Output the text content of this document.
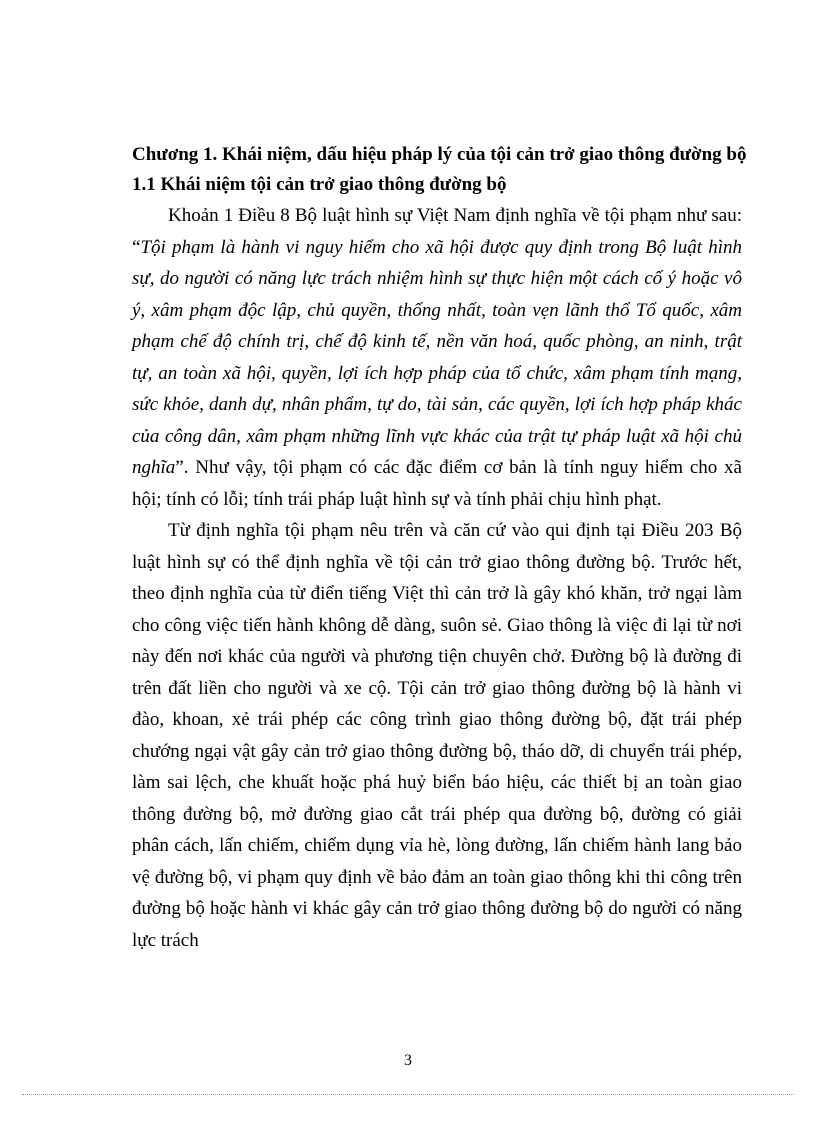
Chương 1. Khái niệm, dấu hiệu pháp lý của tội cản trở giao thông đường bộ
1.1 Khái niệm tội cản trở giao thông đường bộ

Khoản 1 Điều 8 Bộ luật hình sự Việt Nam định nghĩa về tội phạm như sau: “Tội phạm là hành vi nguy hiểm cho xã hội được quy định trong Bộ luật hình sự, do người có năng lực trách nhiệm hình sự thực hiện một cách cố ý hoặc vô ý, xâm phạm độc lập, chủ quyền, thống nhất, toàn vẹn lãnh thổ Tổ quốc, xâm phạm chế độ chính trị, chế độ kinh tế, nền văn hoá, quốc phòng, an ninh, trật tự, an toàn xã hội, quyền, lợi ích hợp pháp của tổ chức, xâm phạm tính mạng, sức khỏe, danh dự, nhân phẩm, tự do, tài sản, các quyền, lợi ích hợp pháp khác của công dân, xâm phạm những lĩnh vực khác của trật tự pháp luật xã hội chủ nghĩa”. Như vậy, tội phạm có các đặc điểm cơ bản là tính nguy hiểm cho xã hội; tính có lỗi; tính trái pháp luật hình sự và tính phải chịu hình phạt.

Từ định nghĩa tội phạm nêu trên và căn cứ vào qui định tại Điều 203 Bộ luật hình sự có thể định nghĩa về tội cản trở giao thông đường bộ. Trước hết, theo định nghĩa của từ điển tiếng Việt thì cản trở là gây khó khăn, trở ngại làm cho công việc tiến hành không dễ dàng, suôn sẻ. Giao thông là việc đi lại từ nơi này đến nơi khác của người và phương tiện chuyên chở. Đường bộ là đường đi trên đất liền cho người và xe cộ. Tội cản trở giao thông đường bộ là hành vi đào, khoan, xẻ trái phép các công trình giao thông đường bộ, đặt trái phép chướng ngại vật gây cản trở giao thông đường bộ, tháo dỡ, di chuyển trái phép, làm sai lệch, che khuất hoặc phá huỷ biển báo hiệu, các thiết bị an toàn giao thông đường bộ, mở đường giao cắt trái phép qua đường bộ, đường có giải phân cách, lấn chiếm, chiếm dụng vỉa hè, lòng đường, lấn chiếm hành lang bảo vệ đường bộ, vi phạm quy định về bảo đảm an toàn giao thông khi thi công trên đường bộ hoặc hành vi khác gây cản trở giao thông đường bộ do người có năng lực trách

3
